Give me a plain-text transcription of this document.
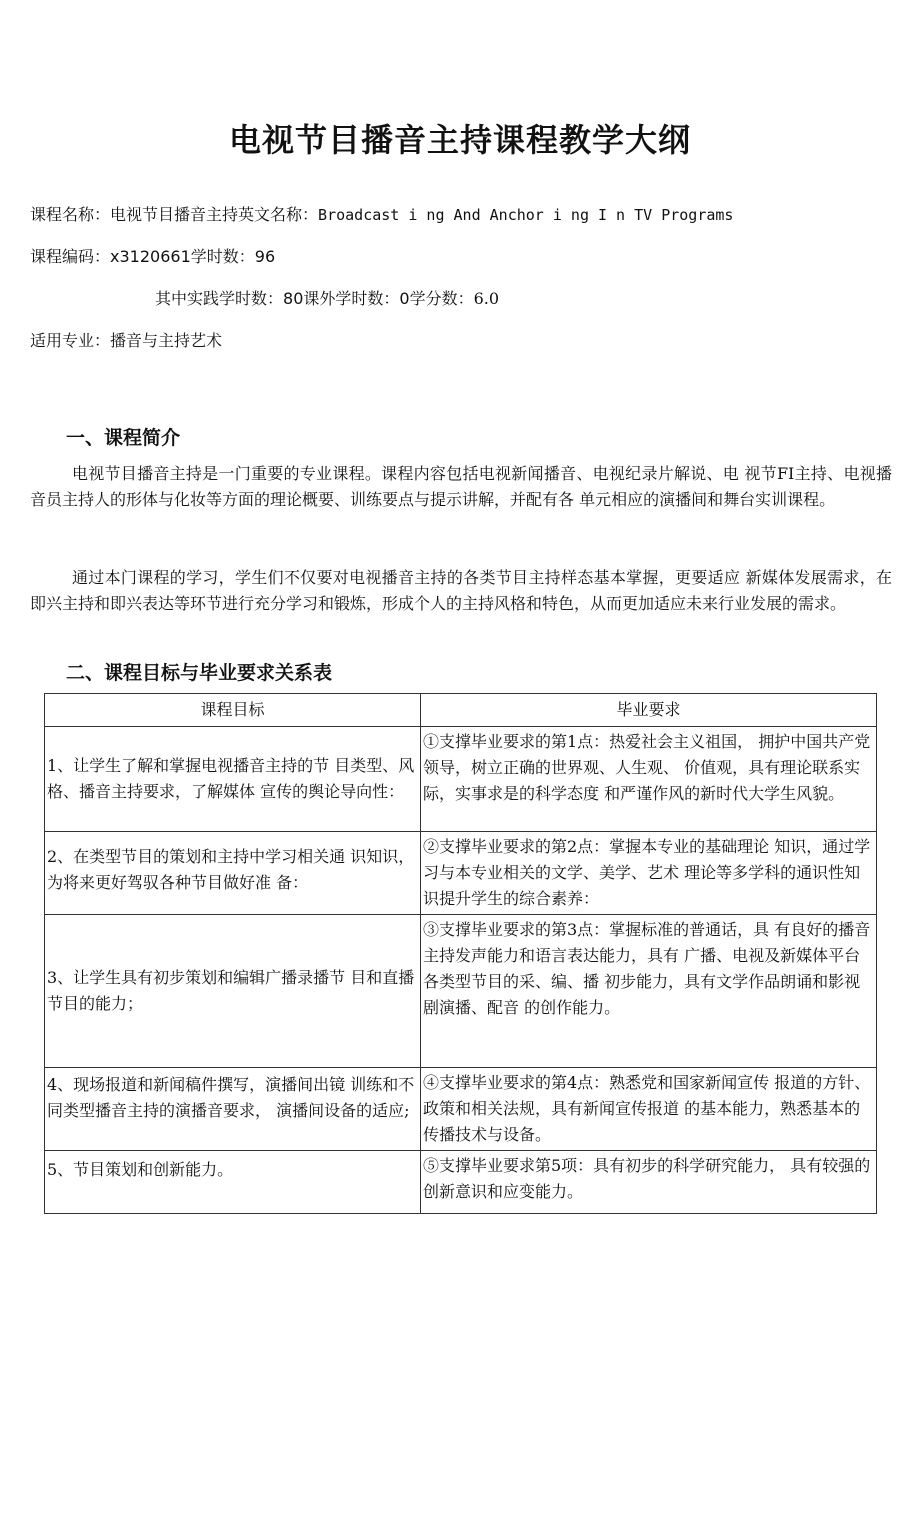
电视节目播音主持课程教学大纲
课程名称：电视节目播音主持英文名称：Broadcast i ng And Anchor i ng I n TV Programs
课程编码：x3120661学时数：96
其中实践学时数：80课外学时数：0学分数：6.0
适用专业：播音与主持艺术
一、课程简介
电视节目播音主持是一门重要的专业课程。课程内容包括电视新闻播音、电视纪录片解说、电 视节FI主持、电视播音员主持人的形体与化妆等方面的理论概要、训练要点与提示讲解，并配有各 单元相应的演播间和舞台实训课程。
通过本门课程的学习，学生们不仅要对电视播音主持的各类节目主持样态基本掌握，更要适应 新媒体发展需求，在即兴主持和即兴表达等环节进行充分学习和锻炼，形成个人的主持风格和特色，从而更加适应未来行业发展的需求。
二、课程目标与毕业要求关系表
课程目标	毕业要求
1、让学生了解和掌握电视播音主持的节 目类型、风格、播音主持要求，了解媒体 宣传的舆论导向性：	①支撑毕业要求的第1点：热爱社会主义祖国， 拥护中国共产党领导，树立正确的世界观、人生观、 价值观，具有理论联系实际，实事求是的科学态度 和严谨作风的新时代大学生风貌。
2、在类型节目的策划和主持中学习相关通 识知识，为将来更好驾驭各种节目做好准 备：	②支撑毕业要求的第2点：掌握本专业的基础理论 知识，通过学习与本专业相关的文学、美学、艺术 理论等多学科的通识性知识提升学生的综合素养：
3、让学生具有初步策划和编辑广播录播节 目和直播节目的能力；	③支撑毕业要求的第3点：掌握标准的普通话，具 有良好的播音主持发声能力和语言表达能力，具有 广播、电视及新媒体平台各类型节目的采、编、播 初步能力，具有文学作品朗诵和影视剧演播、配音 的创作能力。
4、现场报道和新闻稿件撰写，演播间出镜 训练和不同类型播音主持的演播音要求， 演播间设备的适应;	④支撑毕业要求的第4点：熟悉党和国家新闻宣传 报道的方针、政策和相关法规，具有新闻宣传报道 的基本能力，熟悉基本的传播技术与设备。
5、节目策划和创新能力。	⑤支撑毕业要求第5项：具有初步的科学研究能力， 具有较强的创新意识和应变能力。
